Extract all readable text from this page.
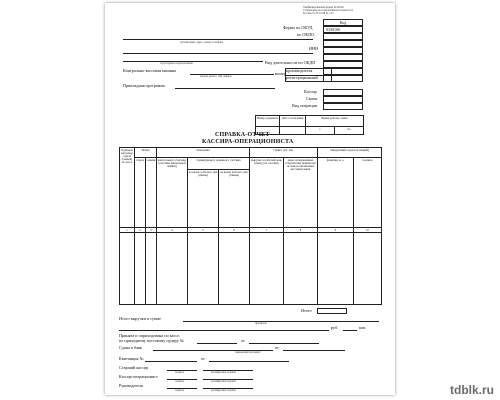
Унифицированная форма № КМ-6
Утверждена постановлением Госкомстата
России от 25.12.98 № 132
Код
Форма по ОКУД	0330106
по ОКПО
ИНН
Вид деятельности по ОКДП
организация, адрес, номер телефона
структурное подразделение
Контрольно-кассовая машина
модель (класс, тип, марка)
номер
производителя
регистрационный
Прикладная программа
Кассир
Смена
Вид операции
Номер документа	Дата составления	Время работы, ч.мин	
		с	по
СПРАВКА-ОТЧЕТ
КАССИРА-ОПЕРАЦИОНИСТА
Порядковый номер отдела (секции) по кассе	Номер		Показания			Сумма, руб. коп.		Заведующий отделом (секцией)	
	отдела	секции	контрольного счетчика (счетчика фискальной памяти)	суммирующего денежного счетчика		выручка за рабочий день (смену) по счетчику	денег, возвращенных покупателям (клиентам) по неиспользованным кассовым чекам	фамилия, и. о.	подпись
				на начало рабочего дня (смены)	на конец рабочего дня (смены)				
1	2	3	4	5	6	7	8	9	10

Итого
Итого выручки в сумме
прописью
руб.	коп.
Принята и оприходована по кассе,
по приходному кассовому ордеру №	от
Сдана в банк
банковский документ
от
Квитанция №	от
Старший кассир
подпись	расшифровка подписи
Кассир-операционист
подпись	расшифровка подписи
Руководитель
подпись	расшифровка подписи	tdblk.ru
